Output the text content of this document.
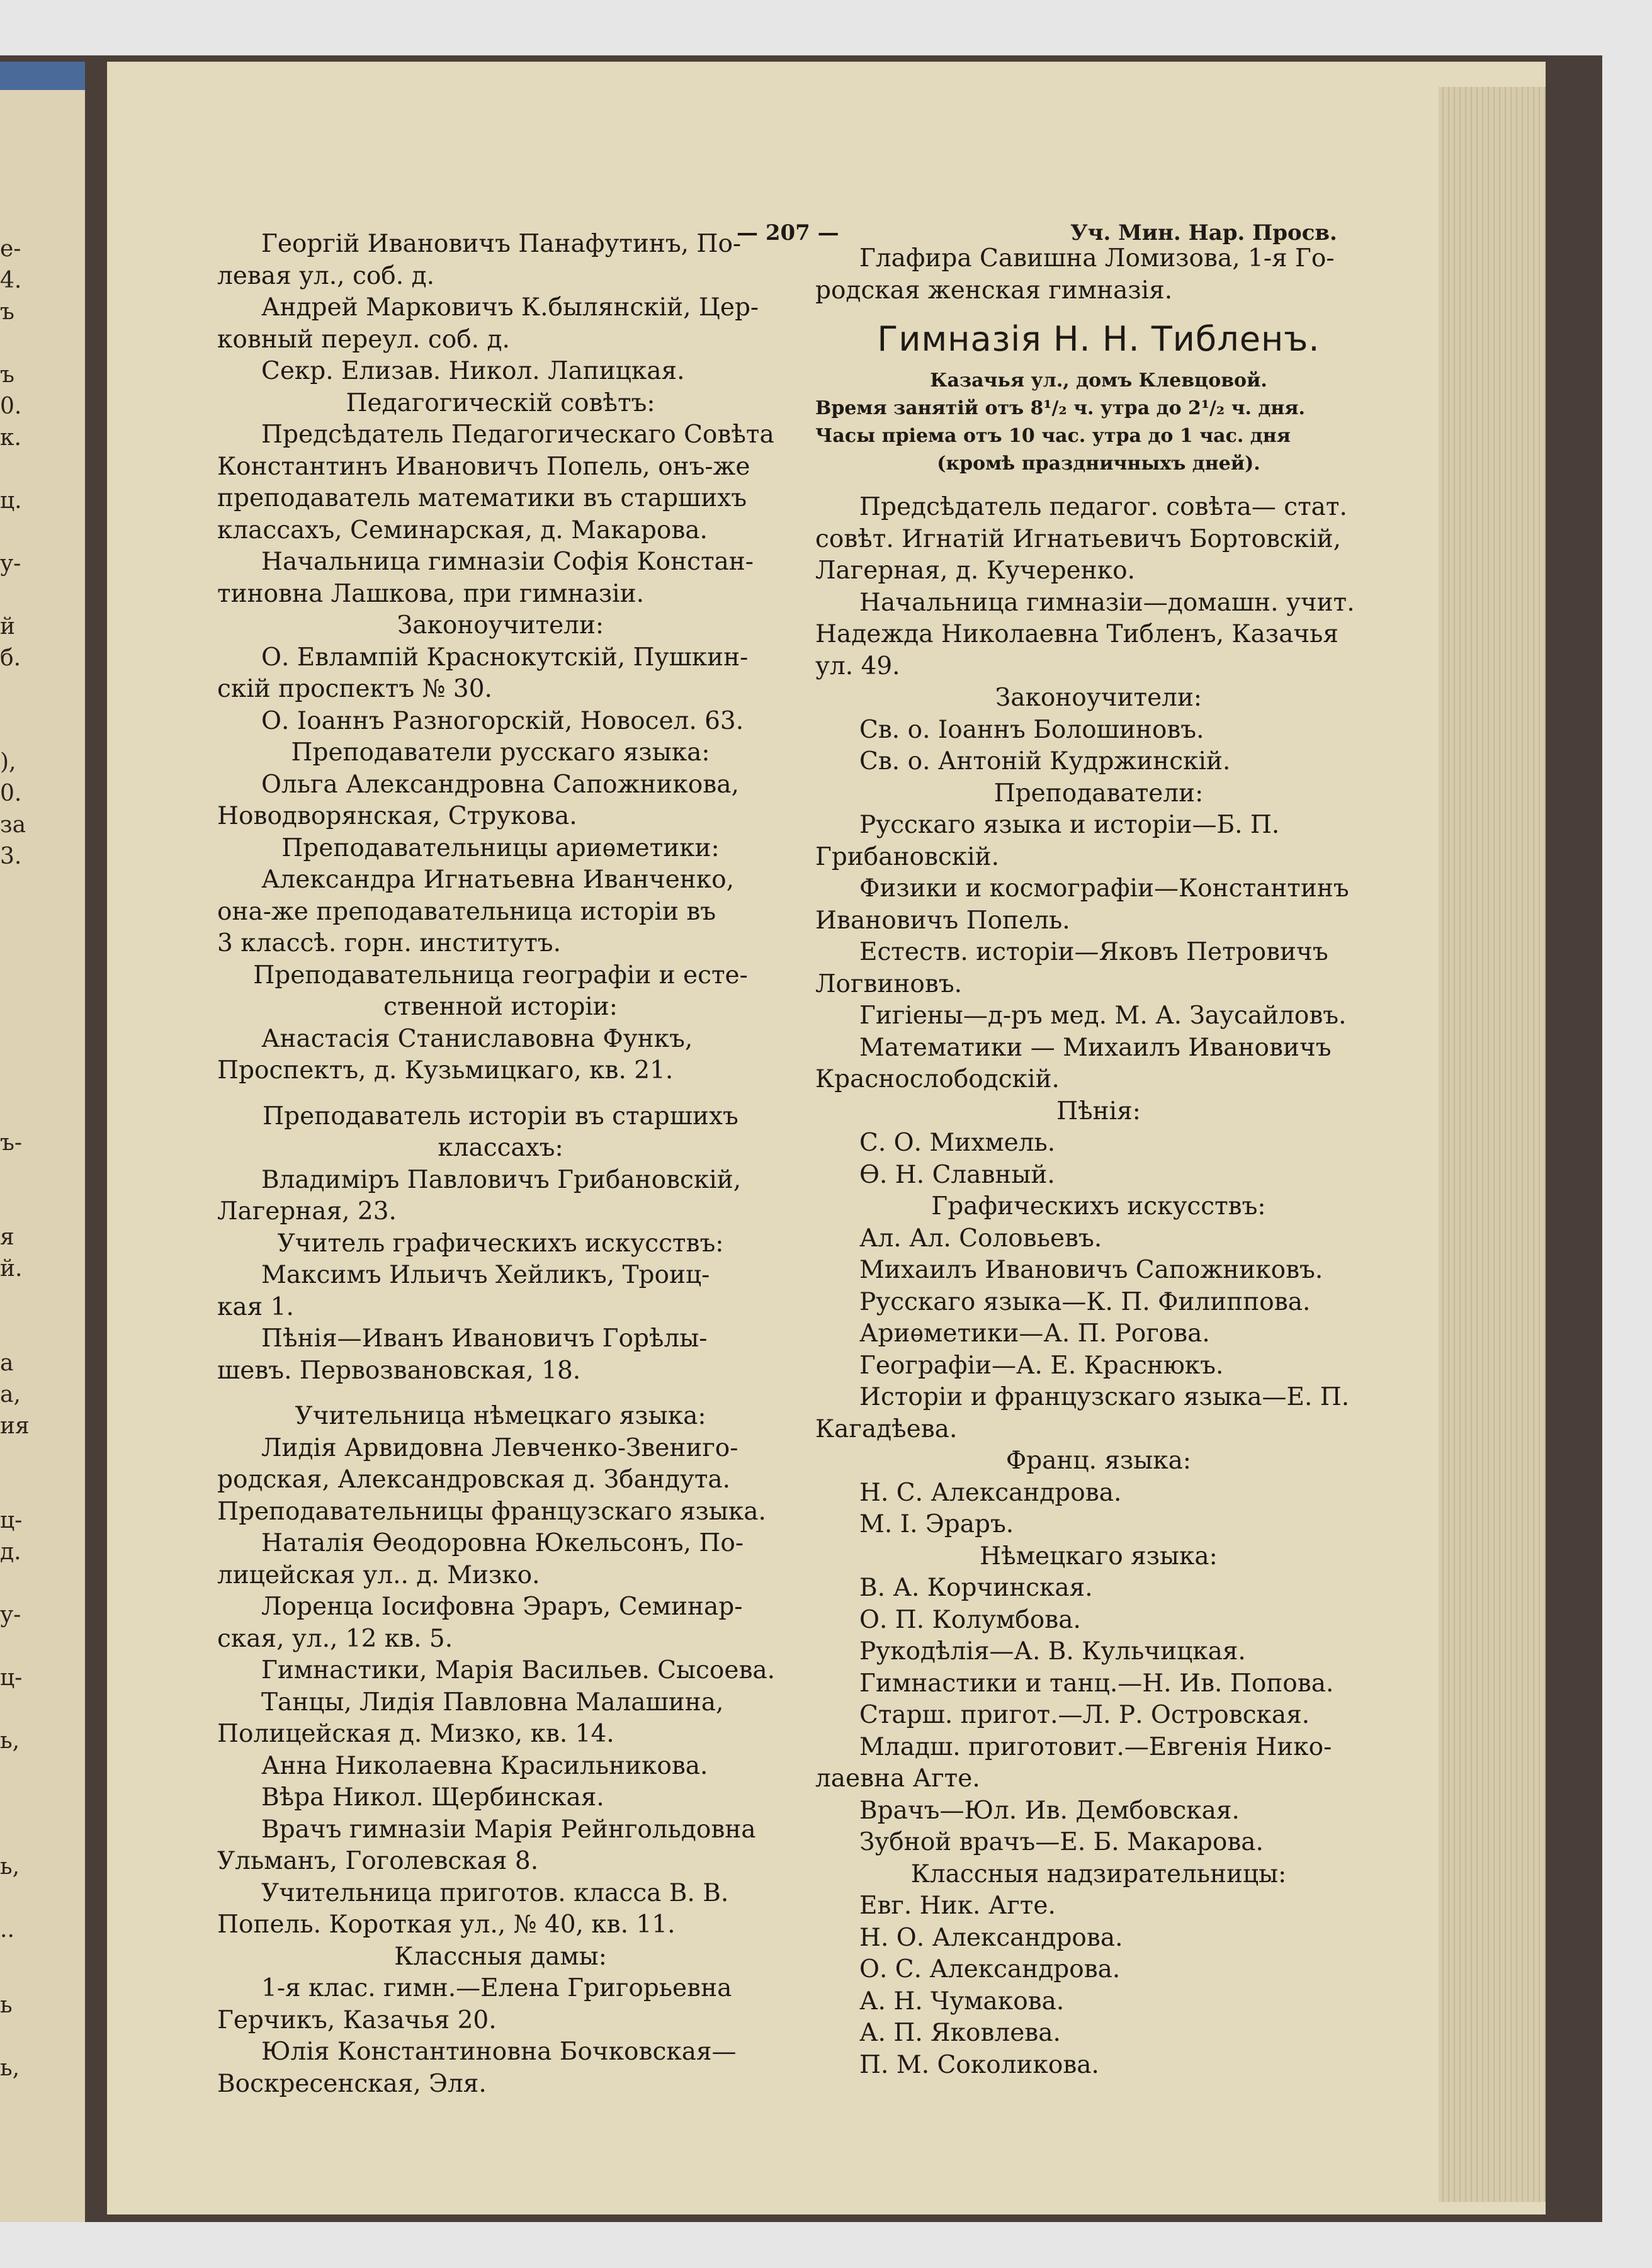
е-
4.
ъ
ъ
0.
к.
ц.
у-
й
б.
),
0.
за
3.
ъ-
я
й.
а
а,
ия
ц-
д.
у-
ц-
ь,
ь,
..
ь
ь,
— 207 —	Уч. Мин. Нар. Просв.

Георгій Ивановичъ Панафутинъ, По-

левая ул., соб. д.

Андрей Марковичъ К.былянскій, Цер-

ковный переул. соб. д.

Секр. Елизав. Никол. Лапицкая.

Педагогическій совѣтъ:

Предсѣдатель Педагогическаго Совѣта

Константинъ Ивановичъ Попель, онъ-же

преподаватель математики въ старшихъ

классахъ, Семинарская, д. Макарова.

Начальница гимназіи Софія Констан-

тиновна Лашкова, при гимназіи.

Законоучители:

О. Евлампій Краснокутскій, Пушкин-

скій проспектъ № 30.

О. Іоаннъ Разногорскій, Новосел. 63.

Преподаватели русскаго языка:

Ольга Александровна Сапожникова,

Новодворянская, Струкова.

Преподавательницы ариѳметики:

Александра Игнатьевна Иванченко,

она-же преподавательница исторіи въ

3 классѣ. горн. институтъ.

Преподавательница географіи и есте-

ственной исторіи:

Анастасія Станиславовна Функъ,

Проспектъ, д. Кузьмицкаго, кв. 21.

Преподаватель исторіи въ старшихъ

классахъ:

Владиміръ Павловичъ Грибановскій,

Лагерная, 23.

Учитель графическихъ искусствъ:

Максимъ Ильичъ Хейликъ, Троиц-

кая 1.

Пѣнія—Иванъ Ивановичъ Горѣлы-

шевъ. Первозвановская, 18.

Учительница нѣмецкаго языка:

Лидія Арвидовна Левченко-Звениго-

родская, Александровская д. Збандута.

Преподавательницы французскаго языка.

Наталія Ѳеодоровна Юкельсонъ, По-

лицейская ул.. д. Мизко.

Лоренца Іосифовна Эраръ, Семинар-

ская, ул., 12 кв. 5.

Гимнастики, Марія Васильев. Сысоева.

Танцы, Лидія Павловна Малашина,

Полицейская д. Мизко, кв. 14.

Анна Николаевна Красильникова.

Вѣра Никол. Щербинская.

Врачъ гимназіи Марія Рейнгольдовна

Ульманъ, Гоголевская 8.

Учительница приготов. класса В. В.

Попель. Короткая ул., № 40, кв. 11.

Классныя дамы:

1-я клас. гимн.—Елена Григорьевна

Герчикъ, Казачья 20.

Юлія Константиновна Бочковская—

Воскресенская, Эля.

Глафира Савишна Ломизова, 1-я Го-

родская женская гимназія.

Гимназія Н. Н. Тибленъ.

Казачья ул., домъ Клевцовой.

Время занятій отъ 8¹/₂ ч. утра до 2¹/₂ ч. дня.

Часы пріема отъ 10 час. утра до 1 час. дня

(кромѣ праздничныхъ дней).

Предсѣдатель педагог. совѣта— стат.

совѣт. Игнатій Игнатьевичъ Бортовскій,

Лагерная, д. Кучеренко.

Начальница гимназіи—домашн. учит.

Надежда Николаевна Тибленъ, Казачья

ул. 49.

Законоучители:

Св. о. Іоаннъ Болошиновъ.

Св. о. Антоній Кудржинскій.

Преподаватели:

Русскаго языка и исторіи—Б. П.

Грибановскій.

Физики и космографіи—Константинъ

Ивановичъ Попель.

Естеств. исторіи—Яковъ Петровичъ

Логвиновъ.

Гигіены—д-ръ мед. М. А. Заусайловъ.

Математики — Михаилъ Ивановичъ

Краснослободскій.

Пѣнія:

С. О. Михмель.

Ѳ. Н. Славный.

Графическихъ искусствъ:

Ал. Ал. Соловьевъ.

Михаилъ Ивановичъ Сапожниковъ.

Русскаго языка—К. П. Филиппова.

Ариѳметики—А. П. Рогова.

Географіи—А. Е. Краснюкъ.

Исторіи и французскаго языка—Е. П.

Кагадѣева.

Франц. языка:

Н. С. Александрова.

М. І. Эраръ.

Нѣмецкаго языка:

В. А. Корчинская.

О. П. Колумбова.

Рукодѣлія—А. В. Кульчицкая.

Гимнастики и танц.—Н. Ив. Попова.

Старш. пригот.—Л. Р. Островская.

Младш. приготовит.—Евгенія Нико-

лаевна Агте.

Врачъ—Юл. Ив. Дембовская.

Зубной врачъ—Е. Б. Макарова.

Классныя надзирательницы:

Евг. Ник. Агте.

Н. О. Александрова.

О. С. Александрова.

А. Н. Чумакова.

А. П. Яковлева.

П. М. Соколикова.
